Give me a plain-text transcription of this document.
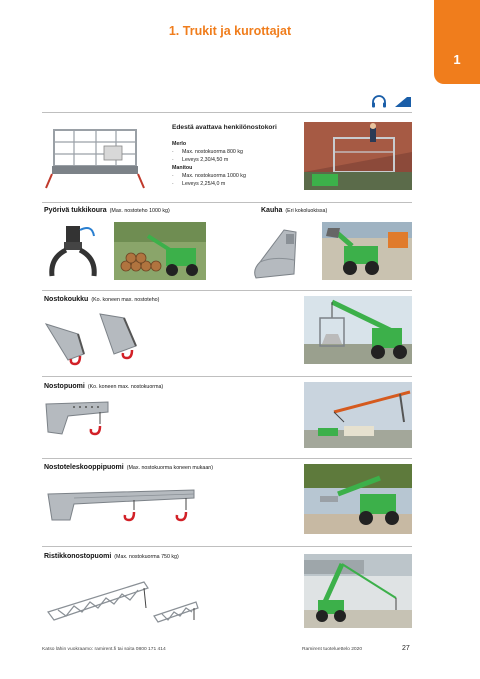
1. Trukit ja kurottajat
1
Edestä avattava henkilönostokori
Merlo
· Max. nostokuorma 800 kg
· Leveys 2,30/4,50 m
Manitou
· Max. nostokuorma 1000 kg
· Leveys 2,25/4,0 m
Pyörivä tukkikoura (Max. nostoteho 1000 kg)	Kauha (Eri kokoluokissa)
Nostokoukku (Ko. koneen max. nostoteho)
Nostopuomi (Ko. koneen max. nostokuorma)
Nostoteleskooppipuomi (Max. nostokuorma koneen mukaan)
Ristikkonostopuomi (Max. nostokuorma 750 kg)
Katso lähin vuokraamo: ramirent.fi tai soita 0800 171 414	Ramirent tuoteluettelo 2020	27
